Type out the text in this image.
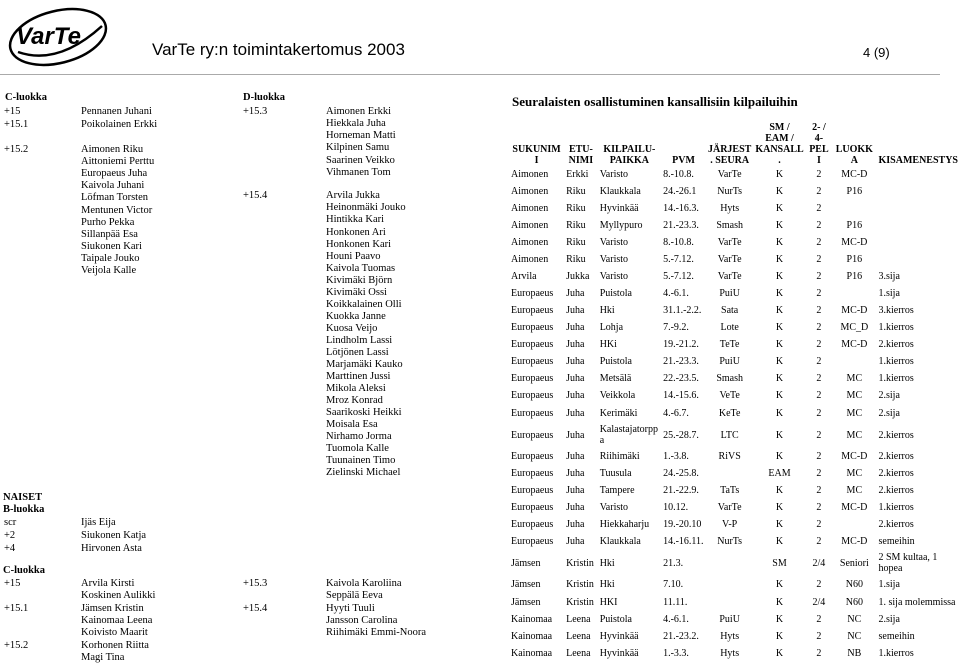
VarTe	VarTe ry:n toimintakertomus 2003	4 (9)
C-luokka
+15	Pennanen Juhani
+15.1	Poikolainen Erkki
+15.2	Aimonen Riku
Aittoniemi Perttu
Europaeus Juha
Kaivola Juhani
Löfman Torsten
Mentunen Victor
Purho Pekka
Sillanpää Esa
Siukonen Kari
Taipale Jouko
Veijola Kalle
D-luokka
+15.3	Aimonen Erkki
Hiekkala Juha
Horneman Matti
Kilpinen Samu
Saarinen Veikko
Vihmanen Tom
+15.4	Arvila Jukka
Heinonmäki Jouko
Hintikka Kari
Honkonen Ari
Honkonen Kari
Houni Paavo
Kaivola Tuomas
Kivimäki Björn
Kivimäki Ossi
Koikkalainen Olli
Kuokka Janne
Kuosa Veijo
Lindholm Lassi
Lötjönen Lassi
Marjamäki Kauko
Marttinen Jussi
Mikola Aleksi
Mroz Konrad
Saarikoski Heikki
Moisala Esa
Nirhamo Jorma
Tuomola Kalle
Tuunainen Timo
Zielinski Michael
NAISET
B-luokka
scr	Ijäs Eija
+2	Siukonen Katja
+4	Hirvonen Asta
C-luokka
+15	Arvila Kirsti	+15.3	Kaivola Karoliina
Koskinen Aulikki	Seppälä Eeva
+15.1	Jämsen Kristin	+15.4	Hyyti Tuuli
Kainomaa Leena	Jansson Carolina
Koivisto Maarit	Riihimäki Emmi-Noora
+15.2	Korhonen Riitta
Magi Tina
Seuralaisten osallistuminen kansallisiin kilpailuihin
					SM /	2- /		
					EAM /	4-		
SUKUNIM	ETU-	KILPAILU-		JÄRJEST	KANSALL	PEL	LUOKK	
I	NIMI	PAIKKA	PVM	. SEURA	.	I	A	KISAMENESTYS
Aimonen	Erkki	Varisto	8.-10.8.	VarTe	K	2	MC-D	
Aimonen	Riku	Klaukkala	24.-26.1	NurTs	K	2	P16	
Aimonen	Riku	Hyvinkää	14.-16.3.	Hyts	K	2		
Aimonen	Riku	Myllypuro	21.-23.3.	Smash	K	2	P16	
Aimonen	Riku	Varisto	8.-10.8.	VarTe	K	2	MC-D	
Aimonen	Riku	Varisto	5.-7.12.	VarTe	K	2	P16	
Arvila	Jukka	Varisto	5.-7.12.	VarTe	K	2	P16	3.sija
Europaeus	Juha	Puistola	4.-6.1.	PuiU	K	2		1.sija
Europaeus	Juha	Hki	31.1.-2.2.	Sata	K	2	MC-D	3.kierros
Europaeus	Juha	Lohja	7.-9.2.	Lote	K	2	MC_D	1.kierros
Europaeus	Juha	HKi	19.-21.2.	TeTe	K	2	MC-D	2.kierros
Europaeus	Juha	Puistola	21.-23.3.	PuiU	K	2		1.kierros
Europaeus	Juha	Metsälä	22.-23.5.	Smash	K	2	MC	1.kierros
Europaeus	Juha	Veikkola	14.-15.6.	VeTe	K	2	MC	2.sija
Europaeus	Juha	Kerimäki	4.-6.7.	KeTe	K	2	MC	2.sija
Europaeus	Juha	Kalastajatorpp a	25.-28.7.	LTC	K	2	MC	2.kierros
Europaeus	Juha	Riihimäki	1.-3.8.	RiVS	K	2	MC-D	2.kierros
Europaeus	Juha	Tuusula	24.-25.8.		EAM	2	MC	2.kierros
Europaeus	Juha	Tampere	21.-22.9.	TaTs	K	2	MC	2.kierros
Europaeus	Juha	Varisto	10.12.	VarTe	K	2	MC-D	1.kierros
Europaeus	Juha	Hiekkaharju	19.-20.10	V-P	K	2		2.kierros
Europaeus	Juha	Klaukkala	14.-16.11.	NurTs	K	2	MC-D	semeihin
Jämsen	Kristin	Hki	21.3.		SM	2/4	Seniori	2 SM kultaa, 1 hopea
Jämsen	Kristin	Hki	7.10.		K	2	N60	1.sija
Jämsen	Kristin	HKI	11.11.		K	2/4	N60	1. sija molemmissa
Kainomaa	Leena	Puistola	4.-6.1.	PuiU	K	2	NC	2.sija
Kainomaa	Leena	Hyvinkää	21.-23.2.	Hyts	K	2	NC	semeihin
Kainomaa	Leena	Hyvinkää	1.-3.3.	Hyts	K	2	NB	1.kierros
